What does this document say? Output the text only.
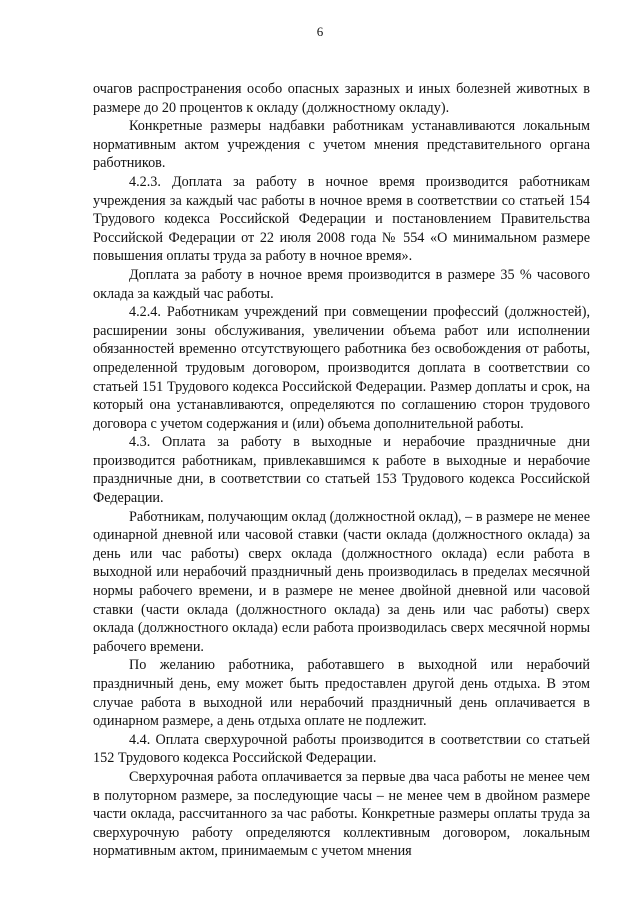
6

очагов распространения особо опасных заразных и иных болезней животных в размере до 20 процентов к окладу (должностному окладу).

Конкретные размеры надбавки работникам устанавливаются локальным нормативным актом учреждения с учетом мнения представительного органа работников.

4.2.3. Доплата за работу в ночное время производится работникам учреждения за каждый час работы в ночное время в соответствии со статьей 154 Трудового кодекса Российской Федерации и постановлением Правительства Российской Федерации от 22 июля 2008 года № 554 «О минимальном размере повышения оплаты труда за работу в ночное время».

Доплата за работу в ночное время производится в размере 35 % часового оклада за каждый час работы.

4.2.4. Работникам учреждений при совмещении профессий (должностей), расширении зоны обслуживания, увеличении объема работ или исполнении обязанностей временно отсутствующего работника без освобождения от работы, определенной трудовым договором, производится доплата в соответствии со статьей 151 Трудового кодекса Российской Федерации. Размер доплаты и срок, на который она устанавливаются, определяются по соглашению сторон трудового договора с учетом содержания и (или) объема дополнительной работы.

4.3. Оплата за работу в выходные и нерабочие праздничные дни производится работникам, привлекавшимся к работе в выходные и нерабочие праздничные дни, в соответствии со статьей 153 Трудового кодекса Российской Федерации.

Работникам, получающим оклад (должностной оклад), – в размере не менее одинарной дневной или часовой ставки (части оклада (должностного оклада) за день или час работы) сверх оклада (должностного оклада) если работа в выходной или нерабочий праздничный день производилась в пределах месячной нормы рабочего времени, и в размере не менее двойной дневной или часовой ставки (части оклада (должностного оклада) за день или час работы) сверх оклада (должностного оклада) если работа производилась сверх месячной нормы рабочего времени.

По желанию работника, работавшего в выходной или нерабочий праздничный день, ему может быть предоставлен другой день отдыха. В этом случае работа в выходной или нерабочий праздничный день оплачивается в одинарном размере, а день отдыха оплате не подлежит.

4.4. Оплата сверхурочной работы производится в соответствии со статьей 152 Трудового кодекса Российской Федерации.

Сверхурочная работа оплачивается за первые два часа работы не менее чем в полуторном размере, за последующие часы – не менее чем в двойном размере части оклада, рассчитанного за час работы. Конкретные размеры оплаты труда за сверхурочную работу определяются коллективным договором, локальным нормативным актом, принимаемым с учетом мнения
